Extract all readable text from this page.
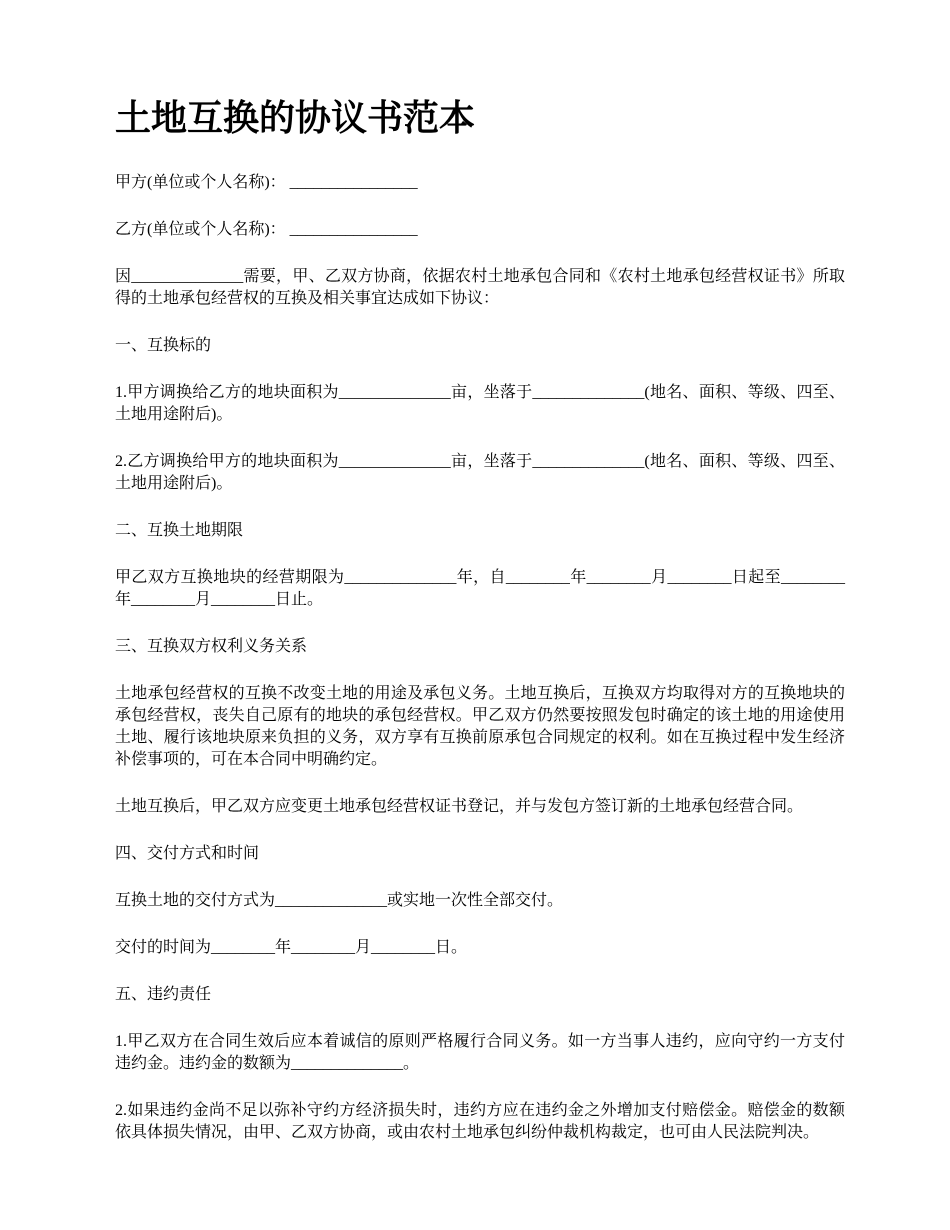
土地互换的协议书范本

甲方(单位或个人名称)： ________________

乙方(单位或个人名称)： ________________

因______________需要，甲、乙双方协商，依据农村土地承包合同和《农村土地承包经营权证书》所取得的土地承包经营权的互换及相关事宜达成如下协议：

一、互换标的

1.甲方调换给乙方的地块面积为______________亩，坐落于______________(地名、面积、等级、四至、土地用途附后)。

2.乙方调换给甲方的地块面积为______________亩，坐落于______________(地名、面积、等级、四至、土地用途附后)。

二、互换土地期限

甲乙双方互换地块的经营期限为______________年，自________年________月________日起至________年________月________日止。

三、互换双方权利义务关系

土地承包经营权的互换不改变土地的用途及承包义务。土地互换后，互换双方均取得对方的互换地块的承包经营权，丧失自己原有的地块的承包经营权。甲乙双方仍然要按照发包时确定的该土地的用途使用土地、履行该地块原来负担的义务，双方享有互换前原承包合同规定的权利。如在互换过程中发生经济补偿事项的，可在本合同中明确约定。

土地互换后，甲乙双方应变更土地承包经营权证书登记，并与发包方签订新的土地承包经营合同。

四、交付方式和时间

互换土地的交付方式为______________或实地一次性全部交付。

交付的时间为________年________月________日。

五、违约责任

1.甲乙双方在合同生效后应本着诚信的原则严格履行合同义务。如一方当事人违约，应向守约一方支付违约金。违约金的数额为______________。

2.如果违约金尚不足以弥补守约方经济损失时，违约方应在违约金之外增加支付赔偿金。赔偿金的数额依具体损失情况，由甲、乙双方协商，或由农村土地承包纠纷仲裁机构裁定，也可由人民法院判决。
